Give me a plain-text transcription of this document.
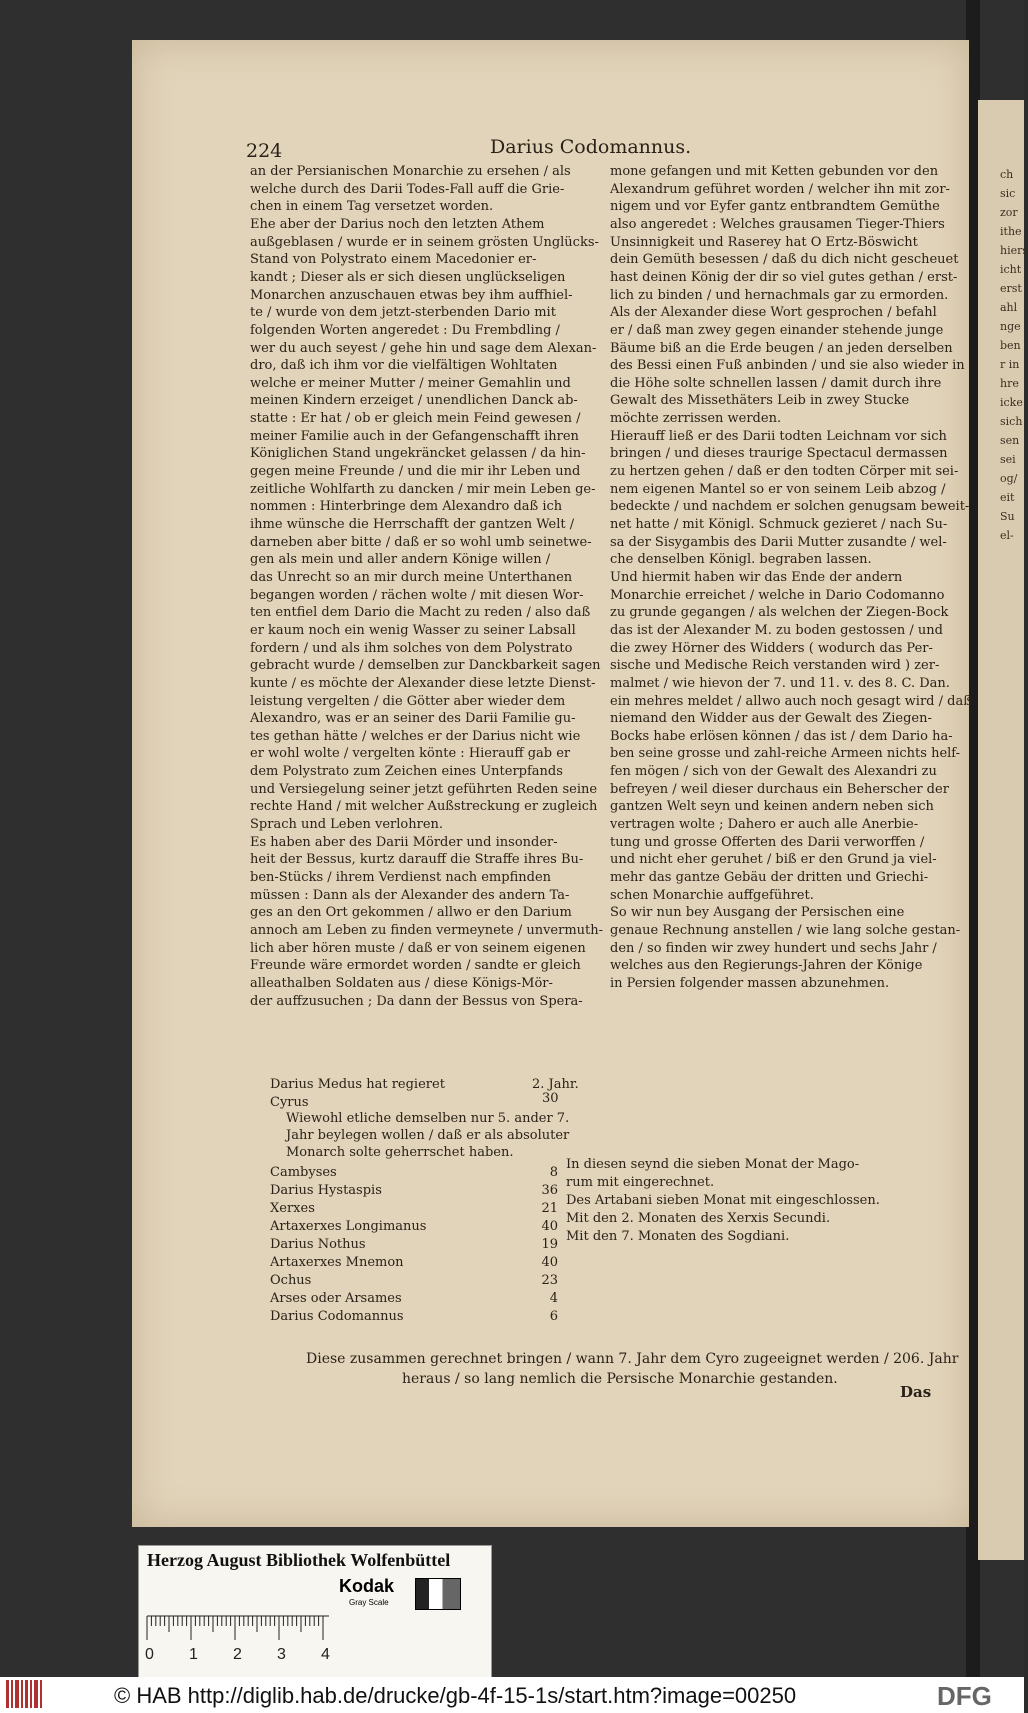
ch
sic
zor
ithe
hiers
icht
erst
ahl
nge
ben
r in
hre
icke
sich
sen
sei
og/
eit
Su
el-
224	Darius Codomannus.
an der Persianischen Monarchie zu ersehen / als
welche durch des Darii Todes-Fall auff die Grie-
chen in einem Tag versetzet worden.
Ehe aber der Darius noch den letzten Athem
außgeblasen / wurde er in seinem grösten Unglücks-
Stand von Polystrato einem Macedonier er-
kandt ; Dieser als er sich diesen unglückseligen
Monarchen anzuschauen etwas bey ihm auffhiel-
te / wurde von dem jetzt-sterbenden Dario mit
folgenden Worten angeredet : Du Frembdling /
wer du auch seyest / gehe hin und sage dem Alexan-
dro, daß ich ihm vor die vielfältigen Wohltaten
welche er meiner Mutter / meiner Gemahlin und
meinen Kindern erzeiget / unendlichen Danck ab-
statte : Er hat / ob er gleich mein Feind gewesen /
meiner Familie auch in der Gefangenschafft ihren
Königlichen Stand ungekräncket gelassen / da hin-
gegen meine Freunde / und die mir ihr Leben und
zeitliche Wohlfarth zu dancken / mir mein Leben ge-
nommen : Hinterbringe dem Alexandro daß ich
ihme wünsche die Herrschafft der gantzen Welt /
darneben aber bitte / daß er so wohl umb seinetwe-
gen als mein und aller andern Könige willen /
das Unrecht so an mir durch meine Unterthanen
begangen worden / rächen wolte / mit diesen Wor-
ten entfiel dem Dario die Macht zu reden / also daß
er kaum noch ein wenig Wasser zu seiner Labsall
fordern / und als ihm solches von dem Polystrato
gebracht wurde / demselben zur Danckbarkeit sagen
kunte / es möchte der Alexander diese letzte Dienst-
leistung vergelten / die Götter aber wieder dem
Alexandro, was er an seiner des Darii Familie gu-
tes gethan hätte / welches er der Darius nicht wie
er wohl wolte / vergelten könte : Hierauff gab er
dem Polystrato zum Zeichen eines Unterpfands
und Versiegelung seiner jetzt geführten Reden seine
rechte Hand / mit welcher Außstreckung er zugleich
Sprach und Leben verlohren.
Es haben aber des Darii Mörder und insonder-
heit der Bessus, kurtz darauff die Straffe ihres Bu-
ben-Stücks / ihrem Verdienst nach empfinden
müssen : Dann als der Alexander des andern Ta-
ges an den Ort gekommen / allwo er den Darium
annoch am Leben zu finden vermeynete / unvermuth-
lich aber hören muste / daß er von seinem eigenen
Freunde wäre ermordet worden / sandte er gleich
alleathalben Soldaten aus / diese Königs-Mör-
der auffzusuchen ; Da dann der Bessus von Spera-
mone gefangen und mit Ketten gebunden vor den
Alexandrum geführet worden / welcher ihn mit zor-
nigem und vor Eyfer gantz entbrandtem Gemüthe
also angeredet : Welches grausamen Tieger-Thiers
Unsinnigkeit und Raserey hat O Ertz-Böswicht
dein Gemüth besessen / daß du dich nicht gescheuet
hast deinen König der dir so viel gutes gethan / erst-
lich zu binden / und hernachmals gar zu ermorden.
Als der Alexander diese Wort gesprochen / befahl
er / daß man zwey gegen einander stehende junge
Bäume biß an die Erde beugen / an jeden derselben
des Bessi einen Fuß anbinden / und sie also wieder in
die Höhe solte schnellen lassen / damit durch ihre
Gewalt des Missethäters Leib in zwey Stucke
möchte zerrissen werden.
Hierauff ließ er des Darii todten Leichnam vor sich
bringen / und dieses traurige Spectacul dermassen
zu hertzen gehen / daß er den todten Cörper mit sei-
nem eigenen Mantel so er von seinem Leib abzog /
bedeckte / und nachdem er solchen genugsam beweit-
net hatte / mit Königl. Schmuck gezieret / nach Su-
sa der Sisygambis des Darii Mutter zusandte / wel-
che denselben Königl. begraben lassen.
Und hiermit haben wir das Ende der andern
Monarchie erreichet / welche in Dario Codomanno
zu grunde gegangen / als welchen der Ziegen-Bock
das ist der Alexander M. zu boden gestossen / und
die zwey Hörner des Widders ( wodurch das Per-
sische und Medische Reich verstanden wird ) zer-
malmet / wie hievon der 7. und 11. v. des 8. C. Dan.
ein mehres meldet / allwo auch noch gesagt wird / daß
niemand den Widder aus der Gewalt des Ziegen-
Bocks habe erlösen können / das ist / dem Dario ha-
ben seine grosse und zahl-reiche Armeen nichts helf-
fen mögen / sich von der Gewalt des Alexandri zu
befreyen / weil dieser durchaus ein Beherscher der
gantzen Welt seyn und keinen andern neben sich
vertragen wolte ; Dahero er auch alle Anerbie-
tung und grosse Offerten des Darii verworffen /
und nicht eher geruhet / biß er den Grund ja viel-
mehr das gantze Gebäu der dritten und Griechi-
schen Monarchie auffgeführet.
So wir nun bey Ausgang der Persischen eine
genaue Rechnung anstellen / wie lang solche gestan-
den / so finden wir zwey hundert und sechs Jahr /
welches aus den Regierungs-Jahren der Könige
in Persien folgender massen abzunehmen.
Darius Medus hat regieret	2. Jahr.
Cyrus	30
Wiewohl etliche demselben nur 5. ander 7.
Jahr beylegen wollen / daß er als absoluter
Monarch solte geherrschet haben.
Cambyses	8
In diesen seynd die sieben Monat der Mago-
Darius Hystaspis	36
rum mit eingerechnet.
Xerxes	21
Des Artabani sieben Monat mit eingeschlossen.
Artaxerxes Longimanus	40
Mit den 2. Monaten des Xerxis Secundi.
Darius Nothus	19
Mit den 7. Monaten des Sogdiani.
Artaxerxes Mnemon	40
Ochus	23
Arses oder Arsames	4
Darius Codomannus	6
Diese zusammen gerechnet bringen / wann 7. Jahr dem Cyro zugeeignet werden / 206. Jahr
heraus / so lang nemlich die Persische Monarchie gestanden.
Das
Herzog August Bibliothek Wolfenbüttel
Kodak
Gray Scale
0 1 2 3 4
© HAB http://diglib.hab.de/drucke/gb-4f-15-1s/start.htm?image=00250	DFG
